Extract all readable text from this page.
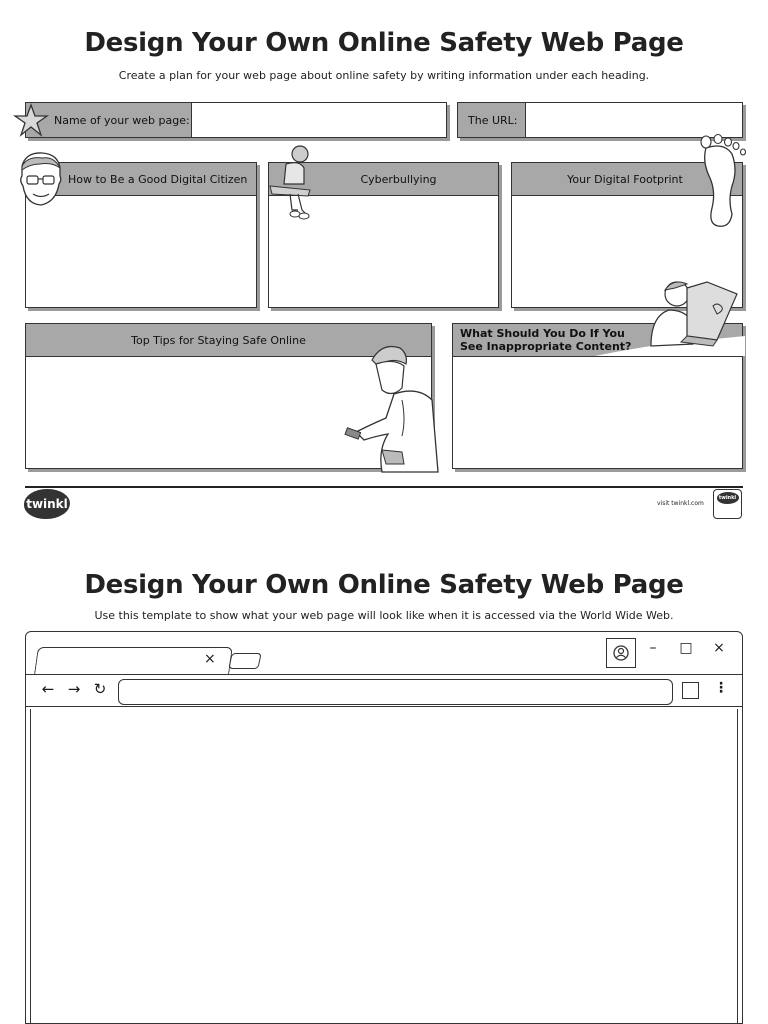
Design Your Own Online Safety Web Page
Create a plan for your web page about online safety by writing information under each heading.
Name of your web page:	The URL:
How to Be a Good Digital Citizen	Cyberbullying	Your Digital Footprint
Top Tips for Staying Safe Online	What Should You Do If You
See Inappropriate Content?
twinkl	visit twinkl.com
twinkl
Design Your Own Online Safety Web Page
Use this template to show what your web page will look like when it is accessed via the World Wide Web.
×
–	□	×
← → ↻	⋮
